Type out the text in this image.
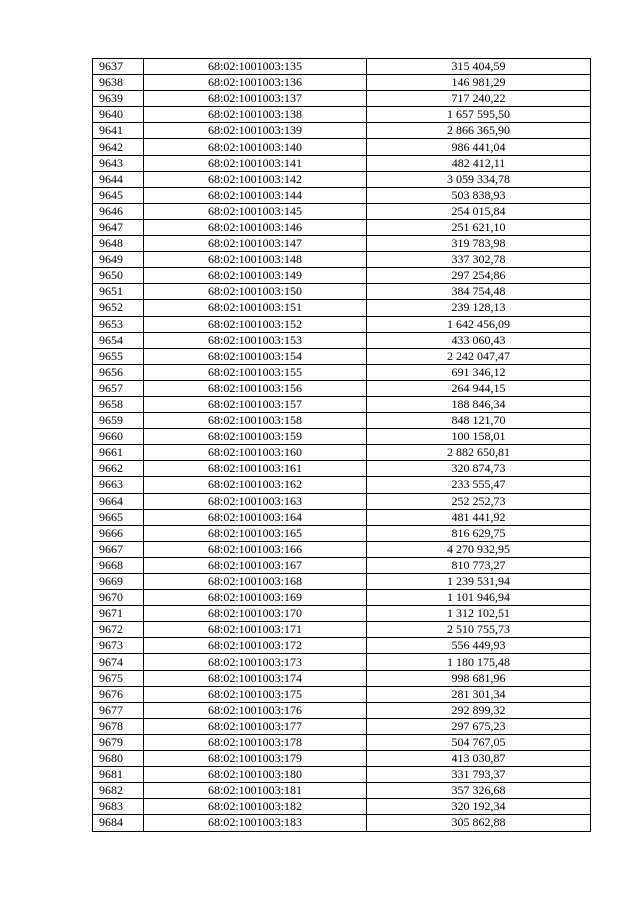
9637	68:02:1001003:135	315 404,59
9638	68:02:1001003:136	146 981,29
9639	68:02:1001003:137	717 240,22
9640	68:02:1001003:138	1 657 595,50
9641	68:02:1001003:139	2 866 365,90
9642	68:02:1001003:140	986 441,04
9643	68:02:1001003:141	482 412,11
9644	68:02:1001003:142	3 059 334,78
9645	68:02:1001003:144	503 838,93
9646	68:02:1001003:145	254 015,84
9647	68:02:1001003:146	251 621,10
9648	68:02:1001003:147	319 783,98
9649	68:02:1001003:148	337 302,78
9650	68:02:1001003:149	297 254,86
9651	68:02:1001003:150	384 754,48
9652	68:02:1001003:151	239 128,13
9653	68:02:1001003:152	1 642 456,09
9654	68:02:1001003:153	433 060,43
9655	68:02:1001003:154	2 242 047,47
9656	68:02:1001003:155	691 346,12
9657	68:02:1001003:156	264 944,15
9658	68:02:1001003:157	188 846,34
9659	68:02:1001003:158	848 121,70
9660	68:02:1001003:159	100 158,01
9661	68:02:1001003:160	2 882 650,81
9662	68:02:1001003:161	320 874,73
9663	68:02:1001003:162	233 555,47
9664	68:02:1001003:163	252 252,73
9665	68:02:1001003:164	481 441,92
9666	68:02:1001003:165	816 629,75
9667	68:02:1001003:166	4 270 932,95
9668	68:02:1001003:167	810 773,27
9669	68:02:1001003:168	1 239 531,94
9670	68:02:1001003:169	1 101 946,94
9671	68:02:1001003:170	1 312 102,51
9672	68:02:1001003:171	2 510 755,73
9673	68:02:1001003:172	556 449,93
9674	68:02:1001003:173	1 180 175,48
9675	68:02:1001003:174	998 681,96
9676	68:02:1001003:175	281 301,34
9677	68:02:1001003:176	292 899,32
9678	68:02:1001003:177	297 675,23
9679	68:02:1001003:178	504 767,05
9680	68:02:1001003:179	413 030,87
9681	68:02:1001003:180	331 793,37
9682	68:02:1001003:181	357 326,68
9683	68:02:1001003:182	320 192,34
9684	68:02:1001003:183	305 862,88
